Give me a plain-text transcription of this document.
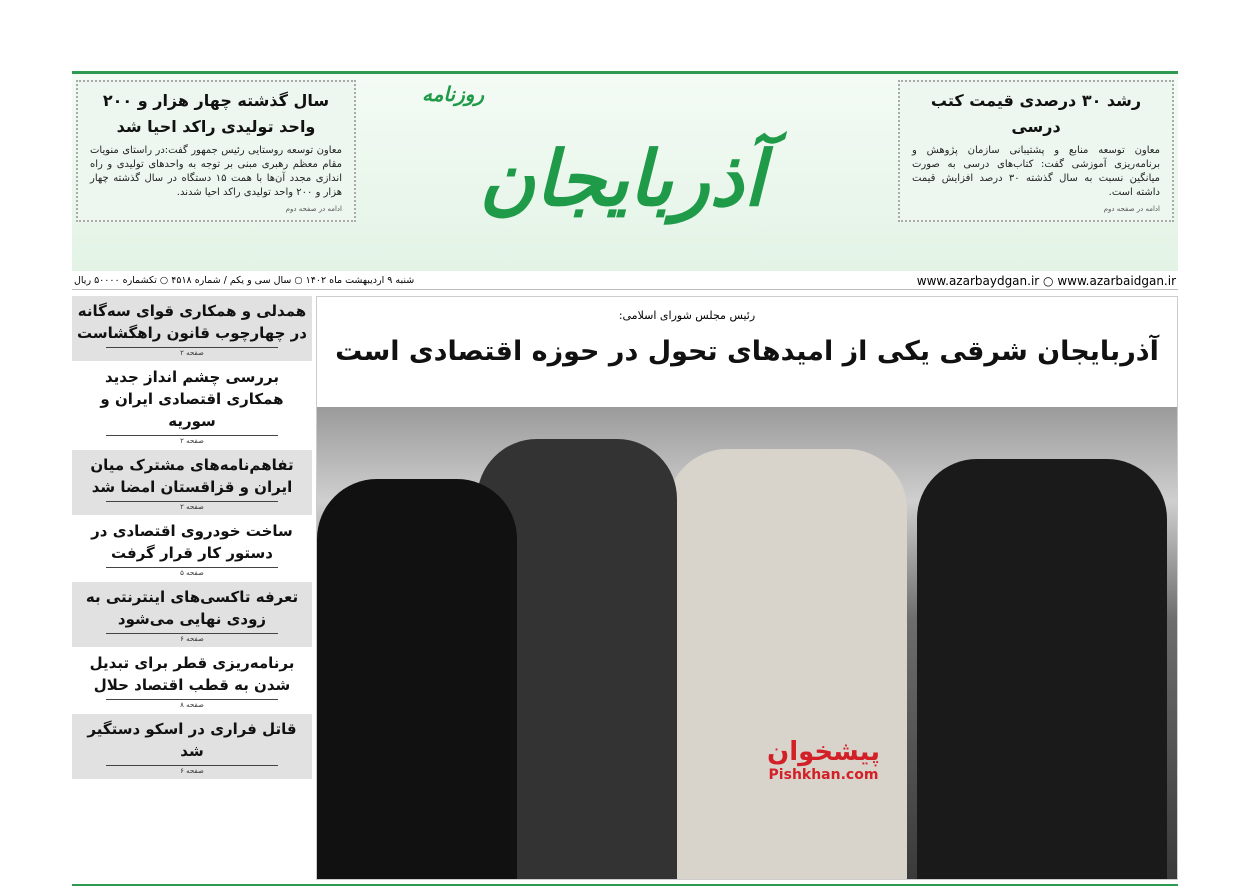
رشد ۳۰ درصدی قیمت کتب درسی

معاون توسعه منابع و پشتیبانی سازمان پژوهش و برنامه‌ریزی آموزشی گفت: کتاب‌های درسی به صورت میانگین نسبت به سال گذشته ۳۰ درصد افزایش قیمت داشته است.

ادامه در صفحه دوم
روزنامه
آذربایجان
سال گذشته چهار هزار و ۲۰۰ واحد تولیدی راکد احیا شد

معاون توسعه روستایی رئیس جمهور گفت:در راستای منویات مقام معظم رهبری مبنی بر توجه به واحدهای تولیدی و راه اندازی مجدد آن‌ها با همت ۱۵ دستگاه در سال گذشته چهار هزار و ۲۰۰ واحد تولیدی راکد احیا شدند.

ادامه در صفحه دوم
www.azarbaydgan.ir ○ www.azarbaidgan.ir
شنبه ۹ اردیبهشت ماه ۱۴۰۲ ○ سال سی و یکم / شماره ۴۵۱۸ ○ تکشماره ۵۰۰۰۰ ریال
همدلی و همکاری قوای سه‌گانه در چهارچوب قانون راهگشاست
صفحه ۲
بررسی چشم انداز جدید همکاری اقتصادی ایران و سوریه
صفحه ۲
تفاهم‌نامه‌های مشترک میان ایران و قزاقستان امضا شد
صفحه ۲
ساخت خودروی اقتصادی در دستور کار قرار گرفت
صفحه ۵
تعرفه تاکسی‌های اینترنتی به زودی نهایی می‌شود
صفحه ۶
برنامه‌ریزی قطر برای تبدیل شدن به قطب اقتصاد حلال
صفحه ۸
قاتل فراری در اسکو دستگیر شد
صفحه ۶
رئیس مجلس شورای اسلامی:
آذربایجان شرقی یکی از امیدهای تحول در حوزه اقتصادی است
پیشخوان
Pishkhan.com
